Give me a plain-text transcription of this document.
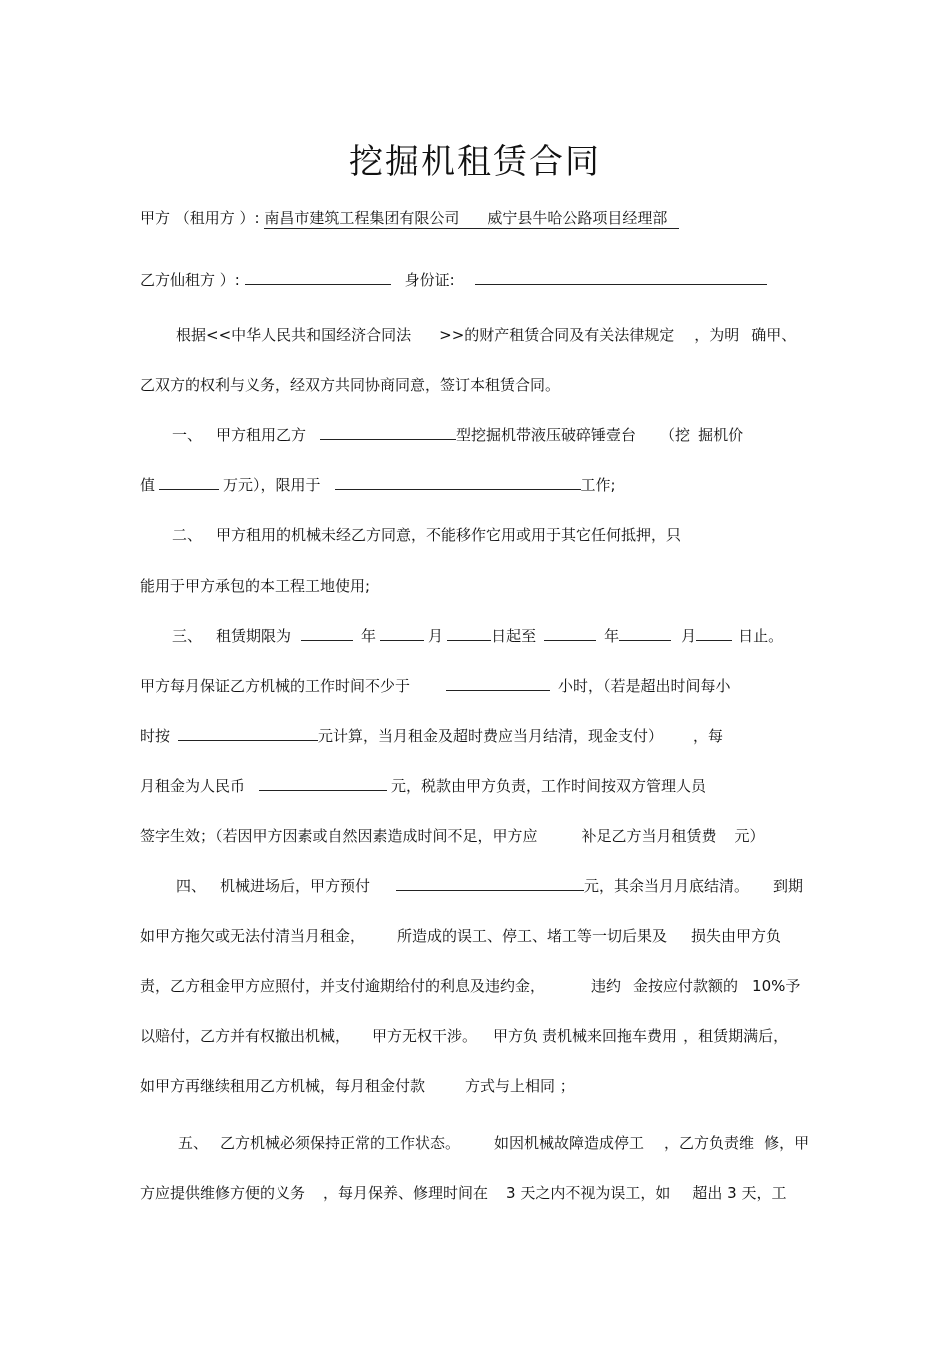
挖掘机租赁合同
甲方 （租用方 ）: 南昌市建筑工程集团有限公司 威宁县牛哈公路项目经理部
乙方仙租方 ）:	身份证:
根据<<中华人民共和国经济合同法 >>的财产租赁合同及有关法律规定 ，为明 确甲、
乙双方的权利与义务，经双方共同协商同意，签订本租赁合同。
一、 甲方租用乙方	型挖掘机带液压破碎锤壹台 （挖 掘机价
值	万元），限用于	工作;
二、 甲方租用的机械未经乙方同意，不能移作它用或用于其它任何抵押，只
能用于甲方承包的本工程工地使用;
三、 租赁期限为	年	月	日起至	年	月	日止。
甲方每月保证乙方机械的工作时间不少于	小时，（若是超出时间每小
时按	元计算，当月租金及超时费应当月结清，现金支付） ，每
月租金为人民币	元，税款由甲方负责，工作时间按双方管理人员
签字生效；（若因甲方因素或自然因素造成时间不足，甲方应	补足乙方当月租赁费 元）
四、 机械进场后，甲方预付	元，其余当月月底结清。 到期
如甲方拖欠或无法付清当月租金， 所造成的误工、停工、堵工等一切后果及 损失由甲方负
责，乙方租金甲方应照付，并支付逾期给付的利息及违约金，	违约 金按应付款额的 10%予
以赔付，乙方并有权撤出机械， 甲方无权干涉。 甲方负 责机械来回拖车费用 ，租赁期满后，
如甲方再继续租用乙方机械，每月租金付款	方式与上相同 ；
五、 乙方机械必须保持正常的工作状态。 如因机械故障造成停工 ，乙方负责维 修，甲
方应提供维修方便的义务 ，每月保养、修理时间在 3 天之内不视为误工，如 超出 3 天，工
